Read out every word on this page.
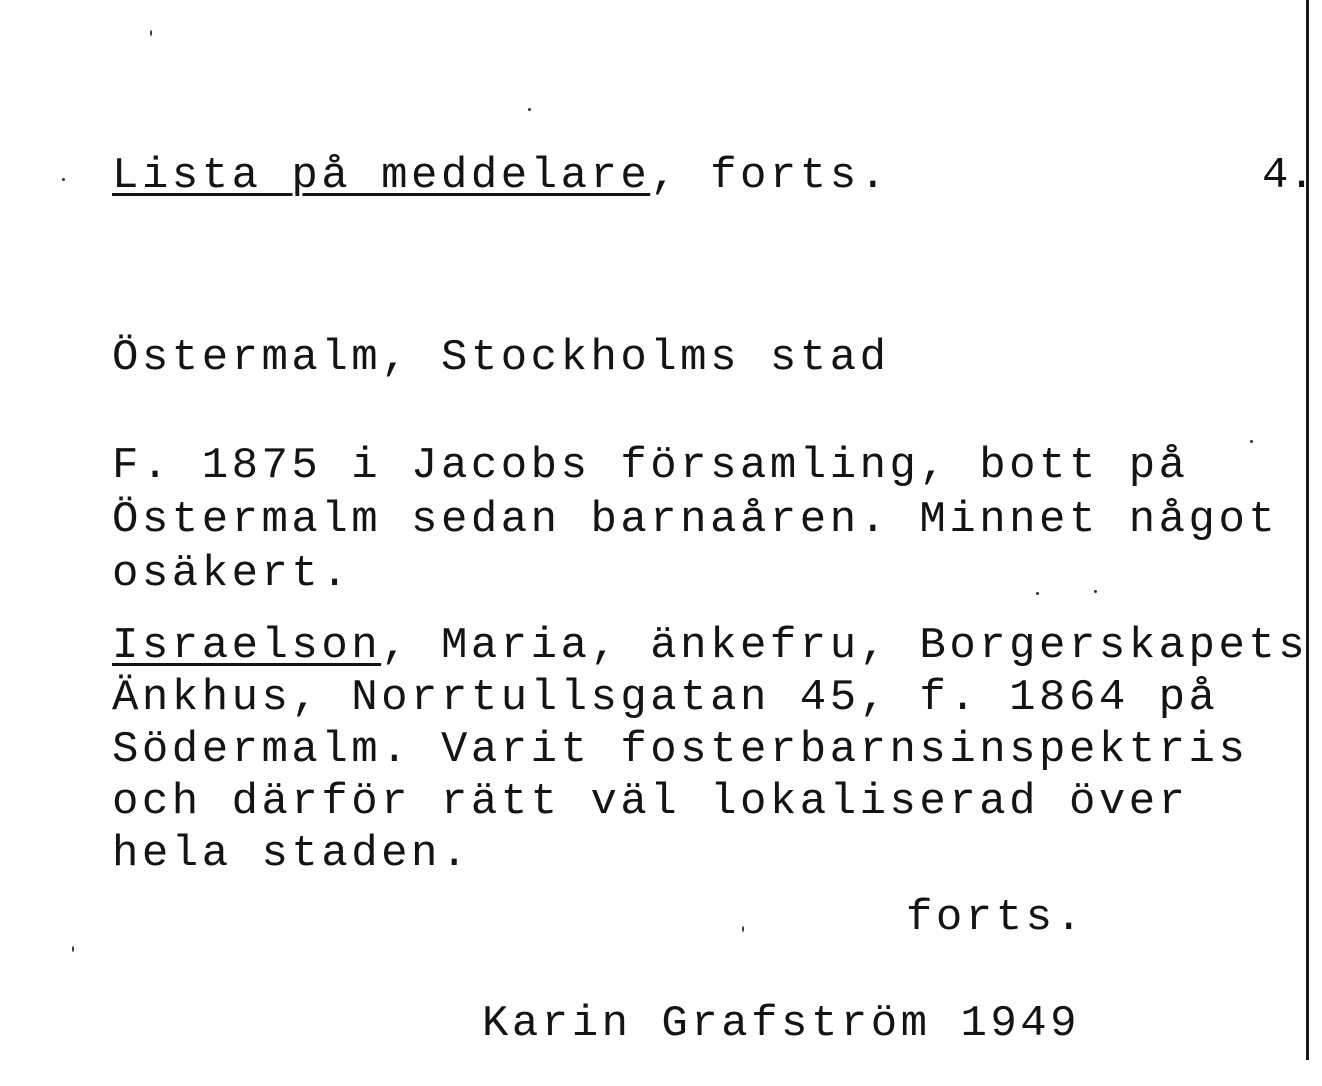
Lista på meddelare, forts.	4.
Östermalm, Stockholms stad
F. 1875 i Jacobs församling, bott på
Östermalm sedan barnaåren. Minnet något
osäkert.
Israelson, Maria, änkefru, Borgerskapets
Änkhus, Norrtullsgatan 45, f. 1864 på
Södermalm. Varit fosterbarnsinspektris
och därför rätt väl lokaliserad över
hela staden.
forts.
Karin Grafström 1949
